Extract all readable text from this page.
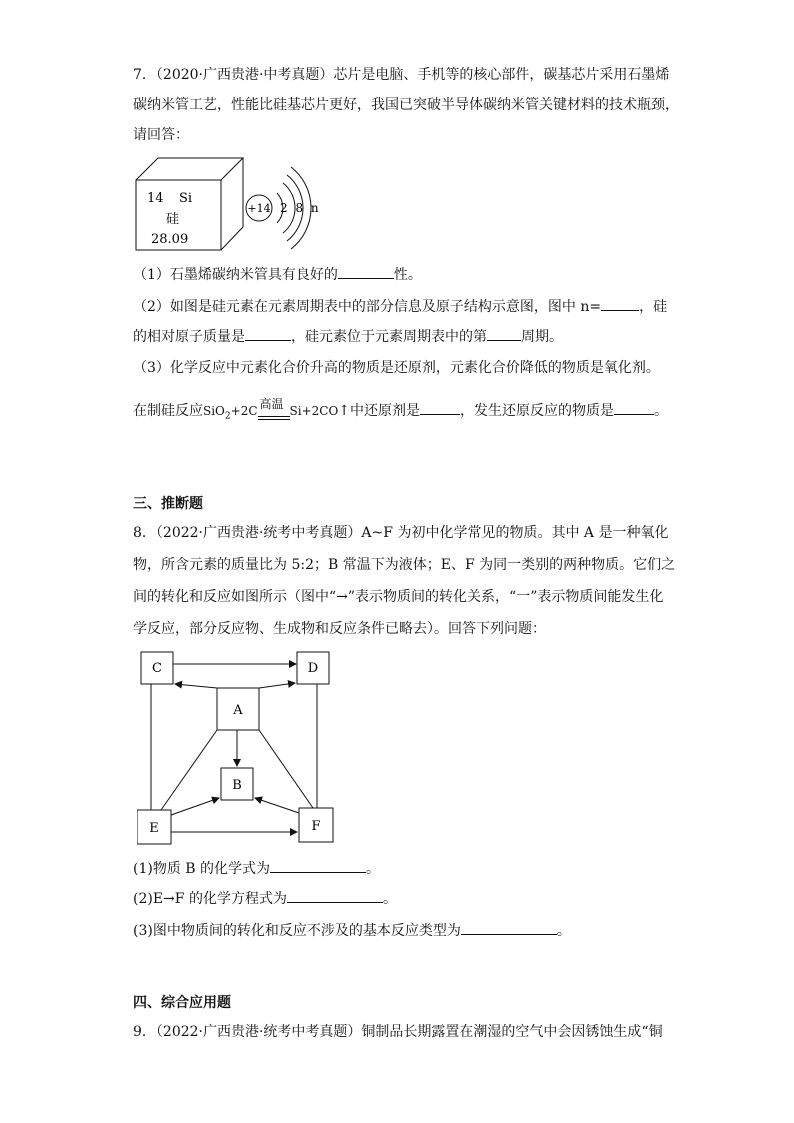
7．（2020·广西贵港·中考真题）芯片是电脑、手机等的核心部件，碳基芯片采用石墨烯
碳纳米管工艺，性能比硅基芯片更好，我国已突破半导体碳纳米管关键材料的技术瓶颈，
请回答：
14 Si
硅
28.09
+14 2 8 n
（1）石墨烯碳纳米管具有良好的	性。
（2）如图是硅元素在元素周期表中的部分信息及原子结构示意图，图中 n=	，硅
的相对原子质量是	，硅元素位于元素周期表中的第 周期。
（3）化学反应中元素化合价升高的物质是还原剂，元素化合价降低的物质是氧化剂。
在制硅反应SiO$_2$+2C 高温 Si+2CO↑中还原剂是	，发生还原反应的物质是	。
三、推断题
8．（2022·广西贵港·统考中考真题）A~F 为初中化学常见的物质。其中 A 是一种氧化
物，所含元素的质量比为 5:2；B 常温下为液体；E、F 为同一类别的两种物质。它们之
间的转化和反应如图所示（图中“→”表示物质间的转化关系，“一”表示物质间能发生化
学反应，部分反应物、生成物和反应条件已略去）。回答下列问题：
C	D
A
B
E	F
(1)物质 B 的化学式为	。
(2)E→F 的化学方程式为	。
(3)图中物质间的转化和反应不涉及的基本反应类型为	。
四、综合应用题
9．（2022·广西贵港·统考中考真题）铜制品长期露置在潮湿的空气中会因锈蚀生成“铜
